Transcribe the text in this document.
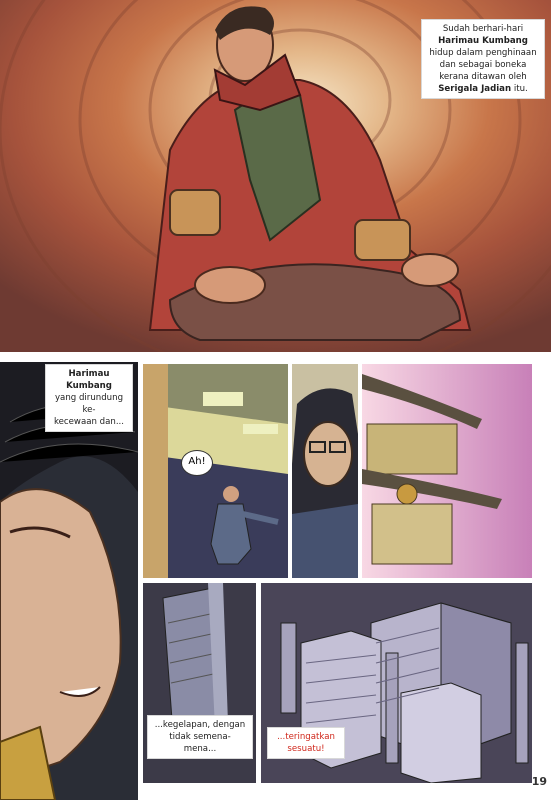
Sudah berhari-hari
Harimau Kumbang
hidup dalam penghinaan
dan sebagai boneka
kerana ditawan oleh
Serigala Jadian itu.
Harimau Kumbang
yang dirundung ke-
kecewaan dan...
Ah!
...kegelapan, dengan
tidak semena-
mena...
...teringatkan
sesuatu!
19
